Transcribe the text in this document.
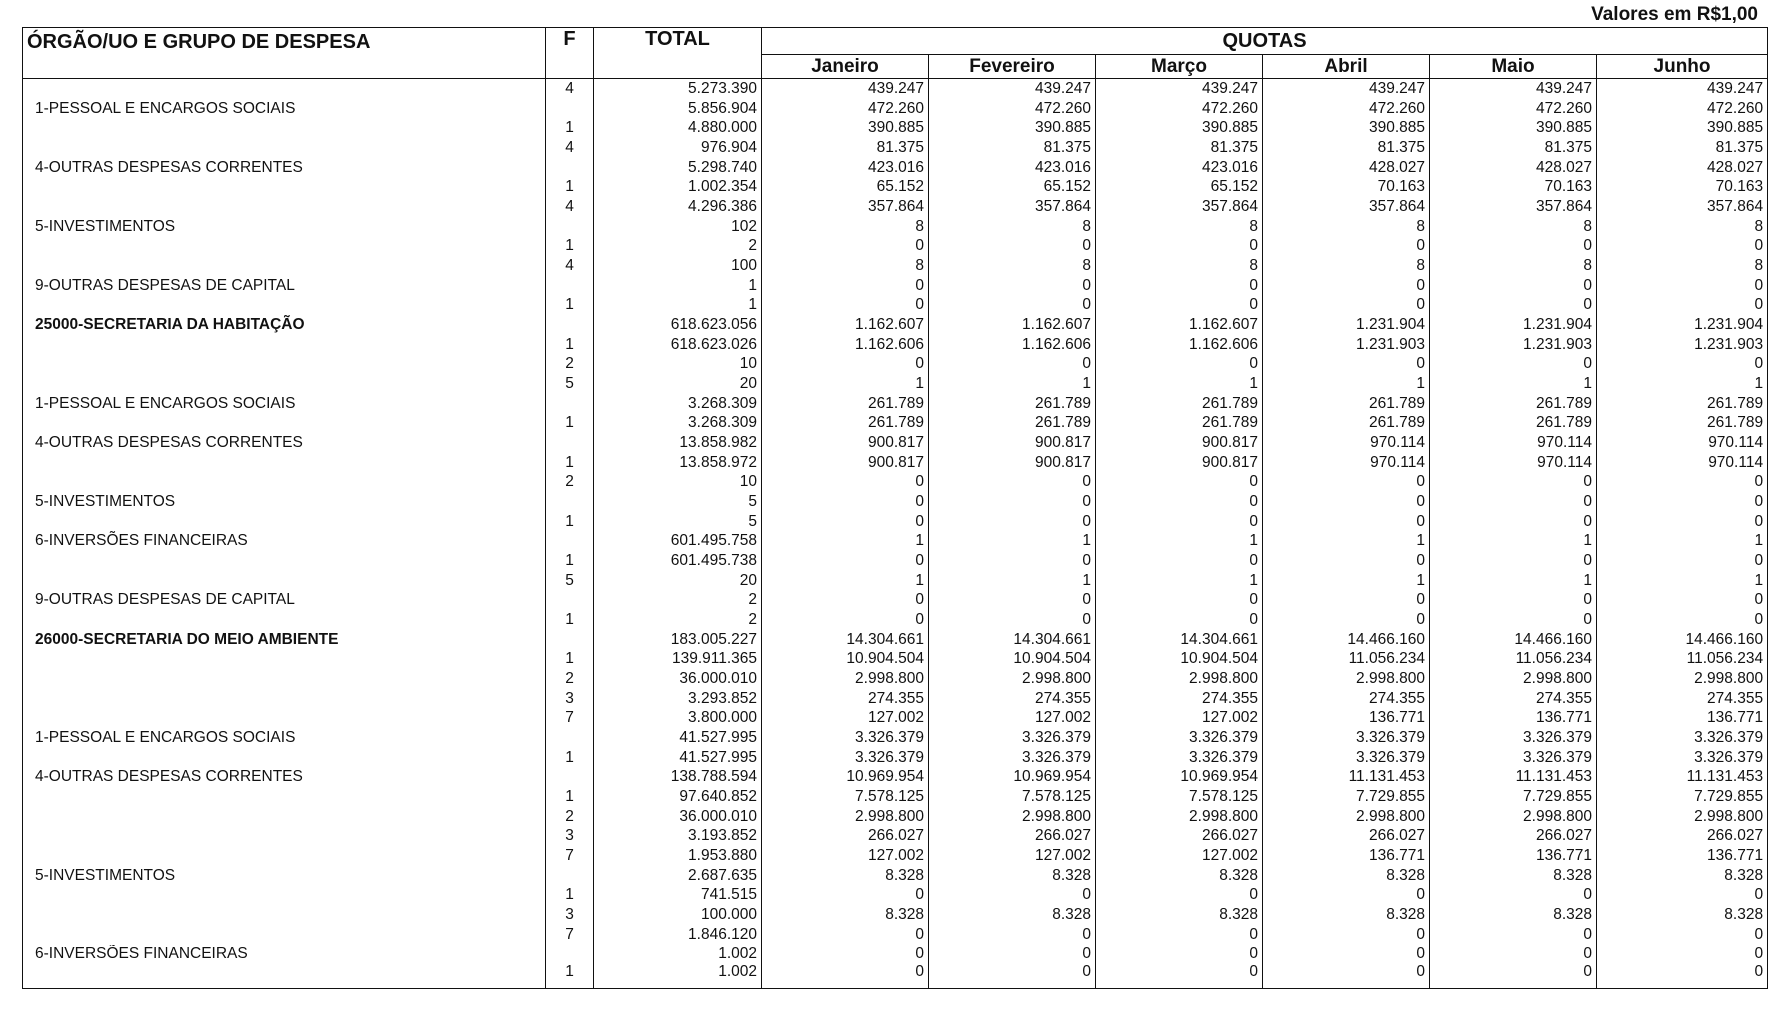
Valores em R$1,00
ÓRGÃO/UO E GRUPO DE DESPESA	F	TOTAL	QUOTAS					
			Janeiro	Fevereiro	Março	Abril	Maio	Junho
	4	5.273.390	439.247	439.247	439.247	439.247	439.247	439.247
1-PESSOAL E ENCARGOS SOCIAIS		5.856.904	472.260	472.260	472.260	472.260	472.260	472.260
	1	4.880.000	390.885	390.885	390.885	390.885	390.885	390.885
	4	976.904	81.375	81.375	81.375	81.375	81.375	81.375
4-OUTRAS DESPESAS CORRENTES		5.298.740	423.016	423.016	423.016	428.027	428.027	428.027
	1	1.002.354	65.152	65.152	65.152	70.163	70.163	70.163
	4	4.296.386	357.864	357.864	357.864	357.864	357.864	357.864
5-INVESTIMENTOS		102	8	8	8	8	8	8
	1	2	0	0	0	0	0	0
	4	100	8	8	8	8	8	8
9-OUTRAS DESPESAS DE CAPITAL		1	0	0	0	0	0	0
	1	1	0	0	0	0	0	0
25000-SECRETARIA DA HABITAÇÃO		618.623.056	1.162.607	1.162.607	1.162.607	1.231.904	1.231.904	1.231.904
	1	618.623.026	1.162.606	1.162.606	1.162.606	1.231.903	1.231.903	1.231.903
	2	10	0	0	0	0	0	0
	5	20	1	1	1	1	1	1
1-PESSOAL E ENCARGOS SOCIAIS		3.268.309	261.789	261.789	261.789	261.789	261.789	261.789
	1	3.268.309	261.789	261.789	261.789	261.789	261.789	261.789
4-OUTRAS DESPESAS CORRENTES		13.858.982	900.817	900.817	900.817	970.114	970.114	970.114
	1	13.858.972	900.817	900.817	900.817	970.114	970.114	970.114
	2	10	0	0	0	0	0	0
5-INVESTIMENTOS		5	0	0	0	0	0	0
	1	5	0	0	0	0	0	0
6-INVERSÕES FINANCEIRAS		601.495.758	1	1	1	1	1	1
	1	601.495.738	0	0	0	0	0	0
	5	20	1	1	1	1	1	1
9-OUTRAS DESPESAS DE CAPITAL		2	0	0	0	0	0	0
	1	2	0	0	0	0	0	0
26000-SECRETARIA DO MEIO AMBIENTE		183.005.227	14.304.661	14.304.661	14.304.661	14.466.160	14.466.160	14.466.160
	1	139.911.365	10.904.504	10.904.504	10.904.504	11.056.234	11.056.234	11.056.234
	2	36.000.010	2.998.800	2.998.800	2.998.800	2.998.800	2.998.800	2.998.800
	3	3.293.852	274.355	274.355	274.355	274.355	274.355	274.355
	7	3.800.000	127.002	127.002	127.002	136.771	136.771	136.771
1-PESSOAL E ENCARGOS SOCIAIS		41.527.995	3.326.379	3.326.379	3.326.379	3.326.379	3.326.379	3.326.379
	1	41.527.995	3.326.379	3.326.379	3.326.379	3.326.379	3.326.379	3.326.379
4-OUTRAS DESPESAS CORRENTES		138.788.594	10.969.954	10.969.954	10.969.954	11.131.453	11.131.453	11.131.453
	1	97.640.852	7.578.125	7.578.125	7.578.125	7.729.855	7.729.855	7.729.855
	2	36.000.010	2.998.800	2.998.800	2.998.800	2.998.800	2.998.800	2.998.800
	3	3.193.852	266.027	266.027	266.027	266.027	266.027	266.027
	7	1.953.880	127.002	127.002	127.002	136.771	136.771	136.771
5-INVESTIMENTOS		2.687.635	8.328	8.328	8.328	8.328	8.328	8.328
	1	741.515	0	0	0	0	0	0
	3	100.000	8.328	8.328	8.328	8.328	8.328	8.328
	7	1.846.120	0	0	0	0	0	0
6-INVERSÕES FINANCEIRAS		1.002	0	0	0	0	0	0
	1	1.002	0	0	0	0	0	0
